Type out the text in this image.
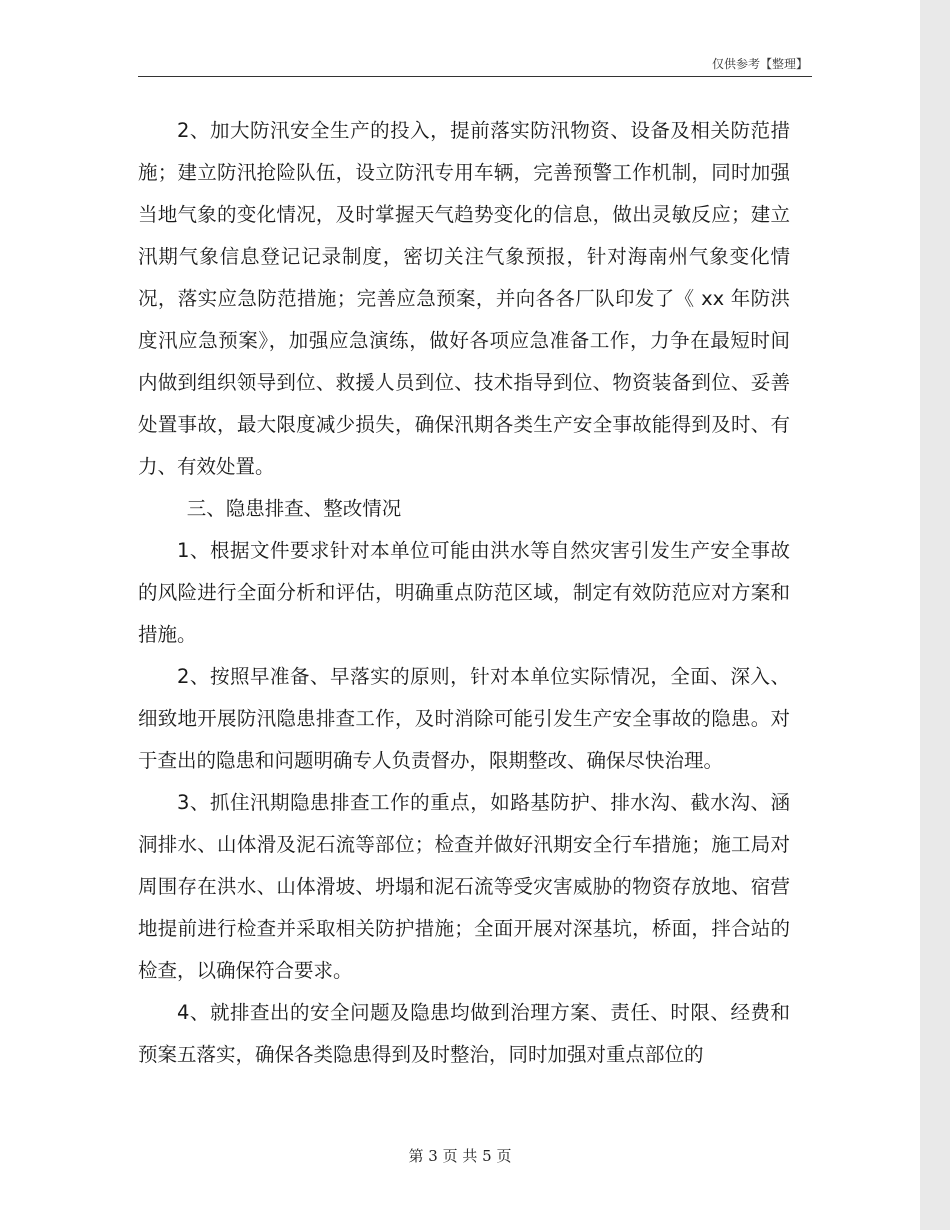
仅供参考【整理】

2、加大防汛安全生产的投入，提前落实防汛物资、设备及相关防范措施；建立防汛抢险队伍，设立防汛专用车辆，完善预警工作机制，同时加强当地气象的变化情况，及时掌握天气趋势变化的信息，做出灵敏反应；建立汛期气象信息登记记录制度，密切关注气象预报，针对海南州气象变化情况，落实应急防范措施；完善应急预案，并向各各厂队印发了《 xx 年防洪度汛应急预案》，加强应急演练，做好各项应急准备工作，力争在最短时间内做到组织领导到位、救援人员到位、技术指导到位、物资装备到位、妥善处置事故，最大限度减少损失，确保汛期各类生产安全事故能得到及时、有力、有效处置。

三、隐患排查、整改情况

1、根据文件要求针对本单位可能由洪水等自然灾害引发生产安全事故的风险进行全面分析和评估，明确重点防范区域，制定有效防范应对方案和措施。

2、按照早准备、早落实的原则，针对本单位实际情况，全面、深入、细致地开展防汛隐患排查工作，及时消除可能引发生产安全事故的隐患。对于查出的隐患和问题明确专人负责督办，限期整改、确保尽快治理。

3、抓住汛期隐患排查工作的重点，如路基防护、排水沟、截水沟、涵洞排水、山体滑及泥石流等部位；检查并做好汛期安全行车措施；施工局对周围存在洪水、山体滑坡、坍塌和泥石流等受灾害威胁的物资存放地、宿营地提前进行检查并采取相关防护措施；全面开展对深基坑，桥面，拌合站的检查，以确保符合要求。

4、就排查出的安全问题及隐患均做到治理方案、责任、时限、经费和预案五落实，确保各类隐患得到及时整治，同时加强对重点部位的

第 3 页 共 5 页
